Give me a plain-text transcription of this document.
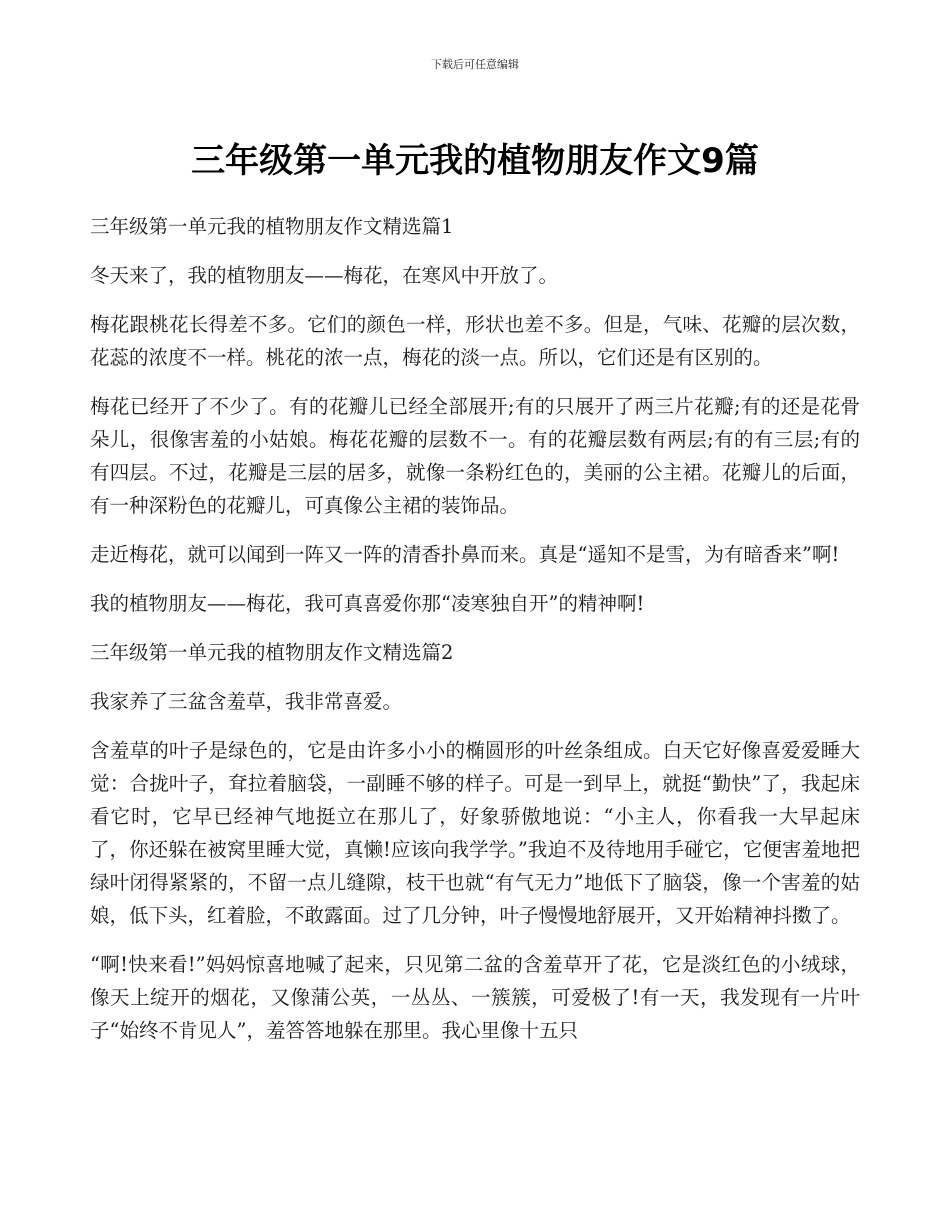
下载后可任意编辑
三年级第一单元我的植物朋友作文9篇

三年级第一单元我的植物朋友作文精选篇1

冬天来了，我的植物朋友——梅花，在寒风中开放了。

梅花跟桃花长得差不多。它们的颜色一样，形状也差不多。但是，气味、花瓣的层次数，花蕊的浓度不一样。桃花的浓一点，梅花的淡一点。所以，它们还是有区别的。

梅花已经开了不少了。有的花瓣儿已经全部展开;有的只展开了两三片花瓣;有的还是花骨朵儿，很像害羞的小姑娘。梅花花瓣的层数不一。有的花瓣层数有两层;有的有三层;有的有四层。不过，花瓣是三层的居多，就像一条粉红色的，美丽的公主裙。花瓣儿的后面，有一种深粉色的花瓣儿，可真像公主裙的装饰品。

走近梅花，就可以闻到一阵又一阵的清香扑鼻而来。真是“遥知不是雪，为有暗香来”啊!

我的植物朋友——梅花，我可真喜爱你那“凌寒独自开”的精神啊!

三年级第一单元我的植物朋友作文精选篇2

我家养了三盆含羞草，我非常喜爱。

含羞草的叶子是绿色的，它是由许多小小的椭圆形的叶丝条组成。白天它好像喜爱爱睡大觉：合拢叶子，耷拉着脑袋，一副睡不够的样子。可是一到早上，就挺“勤快”了，我起床看它时，它早已经神气地挺立在那儿了，好象骄傲地说：“小主人，你看我一大早起床了，你还躲在被窝里睡大觉，真懒!应该向我学学。”我迫不及待地用手碰它，它便害羞地把绿叶闭得紧紧的，不留一点儿缝隙，枝干也就“有气无力”地低下了脑袋，像一个害羞的姑娘，低下头，红着脸，不敢露面。过了几分钟，叶子慢慢地舒展开，又开始精神抖擞了。

“啊!快来看!”妈妈惊喜地喊了起来，只见第二盆的含羞草开了花，它是淡红色的小绒球，像天上绽开的烟花，又像蒲公英，一丛丛、一簇簇，可爱极了!有一天，我发现有一片叶子“始终不肯见人”，羞答答地躲在那里。我心里像十五只
